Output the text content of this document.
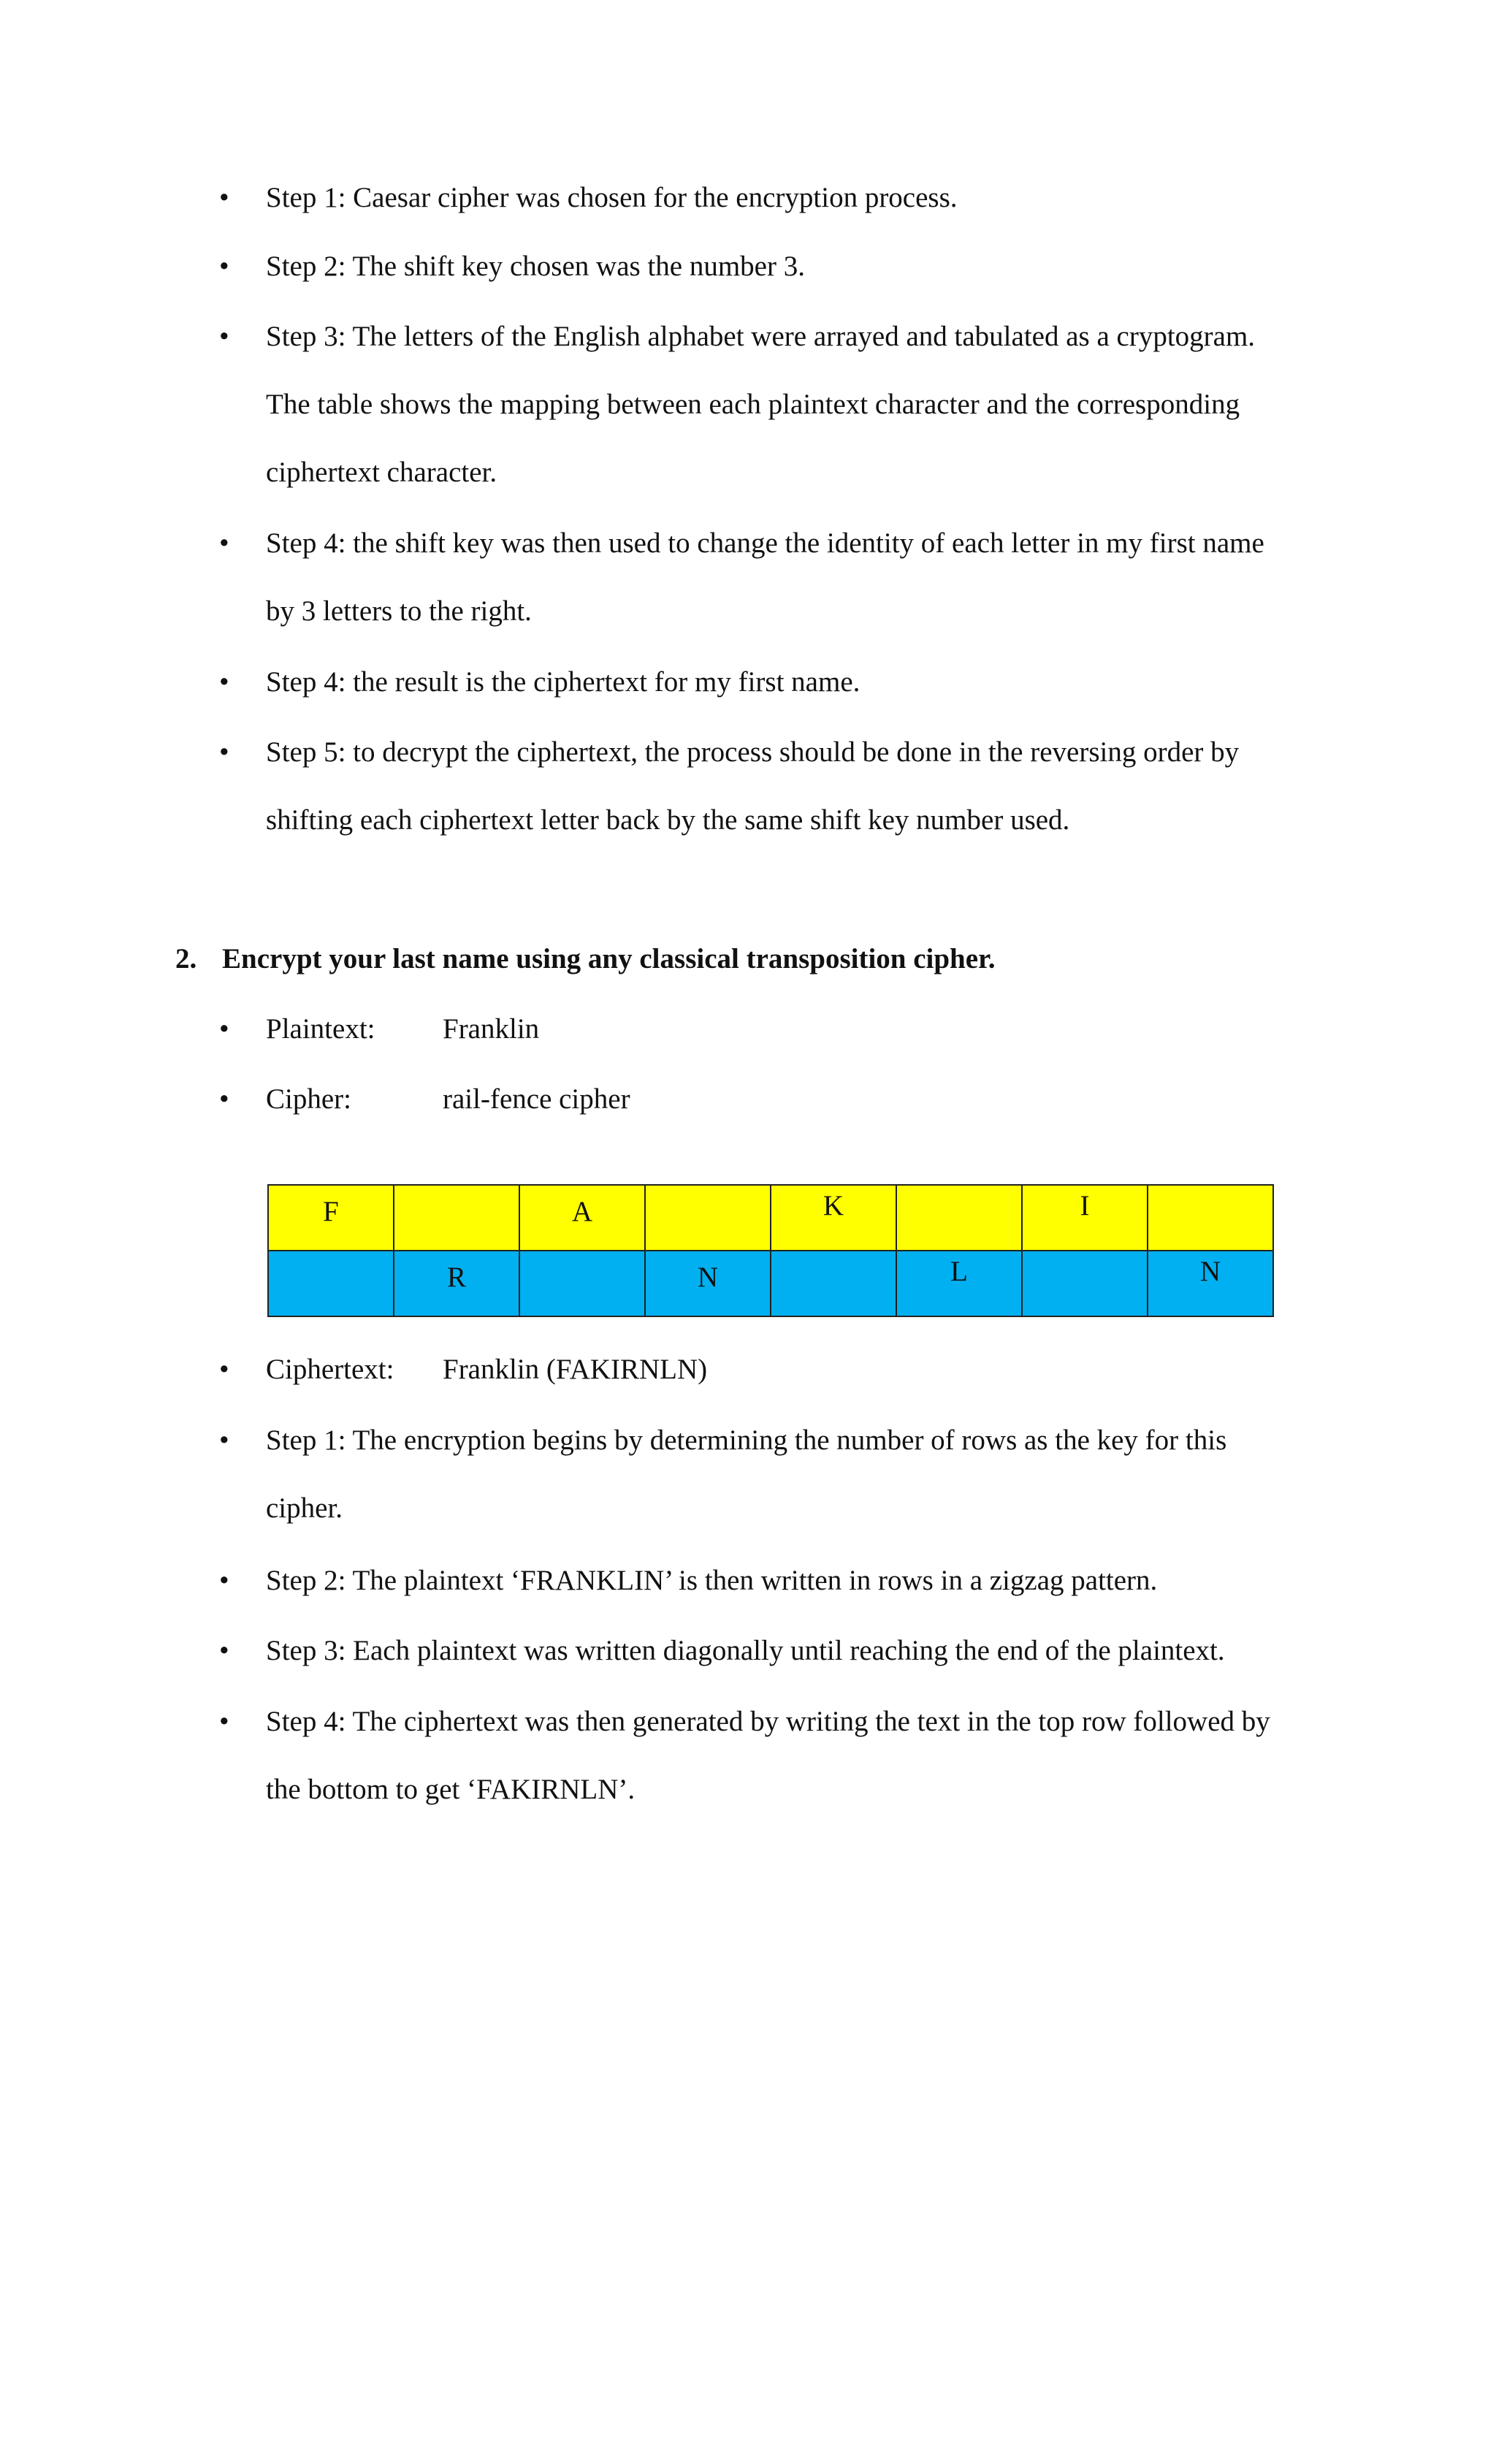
•	Step 1: Caesar cipher was chosen for the encryption process.
•	Step 2: The shift key chosen was the number 3.
•	Step 3: The letters of the English alphabet were arrayed and tabulated as a cryptogram.
The table shows the mapping between each plaintext character and the corresponding
ciphertext character.
•	Step 4: the shift key was then used to change the identity of each letter in my first name
by 3 letters to the right.
•	Step 4: the result is the ciphertext for my first name.
•	Step 5: to decrypt the ciphertext, the process should be done in the reversing order by
shifting each ciphertext letter back by the same shift key number used.
2. Encrypt your last name using any classical transposition cipher.
•	Plaintext:	Franklin
•	Cipher:	rail-fence cipher
F		A		K		I	
	R		N		L		N
•	Ciphertext:	Franklin (FAKIRNLN)
•	Step 1: The encryption begins by determining the number of rows as the key for this
cipher.
•	Step 2: The plaintext ‘FRANKLIN’ is then written in rows in a zigzag pattern.
•	Step 3: Each plaintext was written diagonally until reaching the end of the plaintext.
•	Step 4: The ciphertext was then generated by writing the text in the top row followed by
the bottom to get ‘FAKIRNLN’.
